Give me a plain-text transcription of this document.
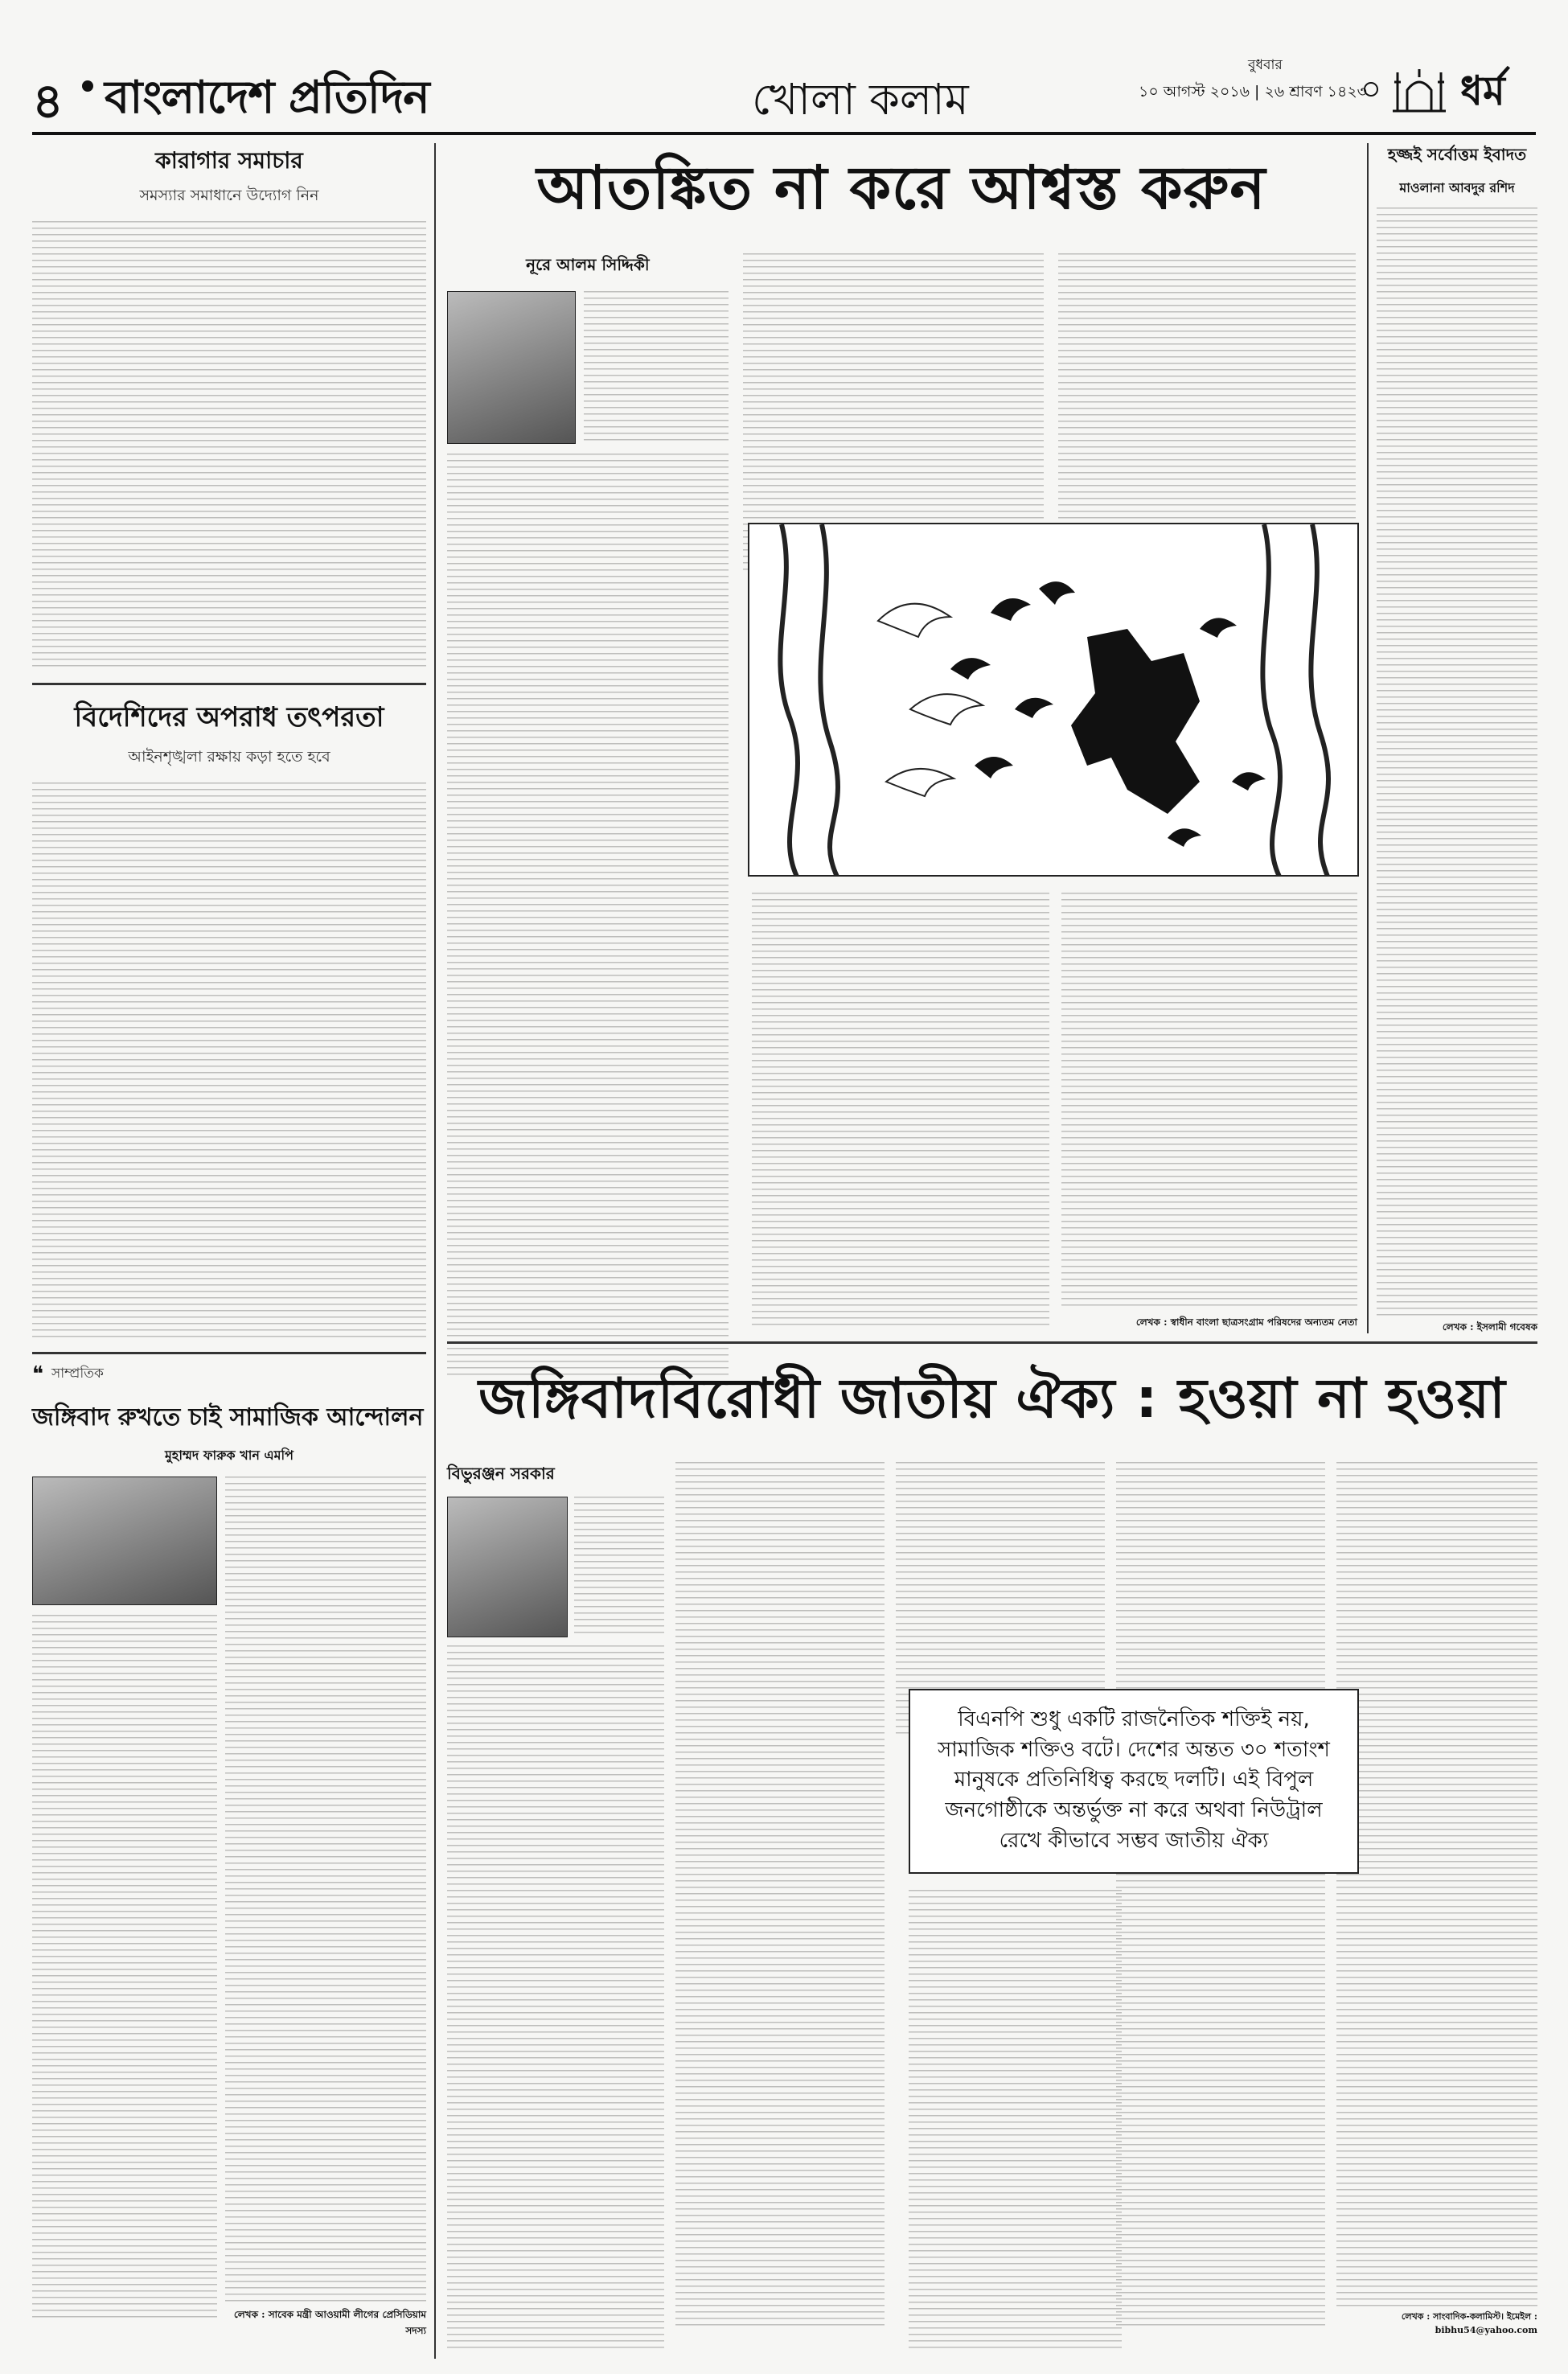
৪ বাংলাদেশ প্রতিদিন	খোলা কলাম
বুধবার
১০ আগস্ট ২০১৬ | ২৬ শ্রাবণ ১৪২৩ ধর্ম
কারাগার সমাচার
সমস্যার সমাধানে উদ্যোগ নিন
বিদেশিদের অপরাধ তৎপরতা
আইনশৃঙ্খলা রক্ষায় কড়া হতে হবে
❝ সাম্প্রতিক
জঙ্গিবাদ রুখতে চাই সামাজিক আন্দোলন
মুহাম্মদ ফারুক খান এমপি
লেখক : সাবেক মন্ত্রী আওয়ামী লীগের প্রেসিডিয়াম সদস্য
আতঙ্কিত না করে আশ্বস্ত করুন
নূরে আলম সিদ্দিকী
লেখক : স্বাধীন বাংলা ছাত্রসংগ্রাম পরিষদের অন্যতম নেতা
হজ্জই সর্বোত্তম ইবাদত
মাওলানা আবদুর রশিদ
লেখক : ইসলামী গবেষক
জঙ্গিবাদবিরোধী জাতীয় ঐক্য : হওয়া না হওয়া
বিভুরঞ্জন সরকার
লেখক : সাংবাদিক-কলামিস্ট। ইমেইল : bibhu54@yahoo.com
বিএনপি শুধু একটি রাজনৈতিক শক্তিই নয়, সামাজিক শক্তিও বটে। দেশের অন্তত ৩০ শতাংশ মানুষকে প্রতিনিধিত্ব করছে দলটি। এই বিপুল জনগোষ্ঠীকে অন্তর্ভুক্ত না করে অথবা নিউট্রাল রেখে কীভাবে সম্ভব জাতীয় ঐক্য
